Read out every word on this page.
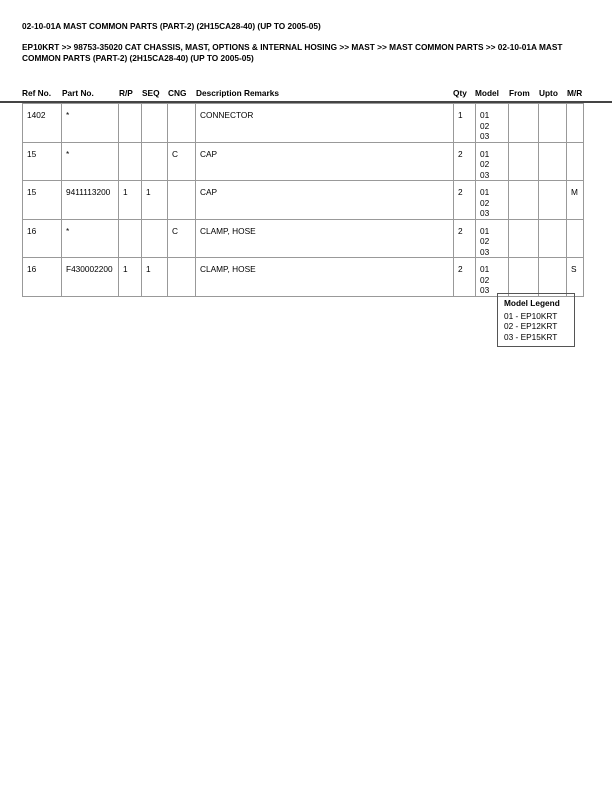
02-10-01A MAST COMMON PARTS (PART-2) (2H15CA28-40) (UP TO 2005-05)
EP10KRT >> 98753-35020 CAT CHASSIS, MAST, OPTIONS & INTERNAL HOSING >> MAST >> MAST COMMON PARTS >> 02-10-01A MAST COMMON PARTS (PART-2) (2H15CA28-40) (UP TO 2005-05)
Ref No. Part No.	R/P SEQ CNG Description Remarks	Qty Model From Upto M/R
1402	*				CONNECTOR	1	01
02
03			

15	*			C	CAP	2	01
02
03			

15	9411113200	1	1		CAP	2	01
02
03			M
16	*			C	CLAMP, HOSE	2	01
02
03			

16	F430002200	1	1		CLAMP, HOSE	2	01
02
03			S
Model Legend
01 - EP10KRT
02 - EP12KRT
03 - EP15KRT
